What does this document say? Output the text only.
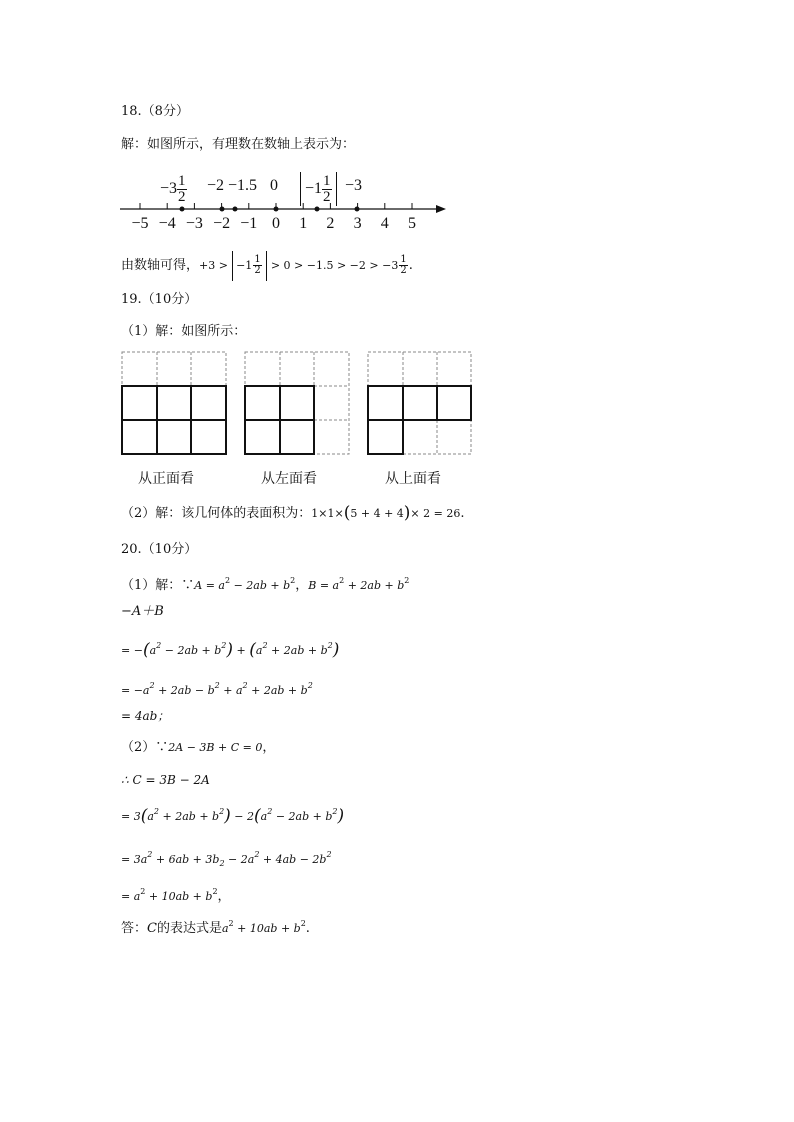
18.（8分）
解：如图所示，有理数在数轴上表示为：
$-3 \frac{1}{2} -2 -1.5$ 0	$-1 \frac{1}{2} -3$
−5 −4 −3 −2 −1 0 1 2 3 4 5
由数轴可得，$+3 > -1 \frac{1}{2} > 0 > -1.5 > -2 > -3 \frac{1}{2}$ .
19.（10分）
（1）解：如图所示：
从正面看	从左面看	从上面看
（2）解：该几何体的表面积为：1×1×(5 + 4 + 4)× 2 = 26.
20.（10分）
（1）解：∵A = $a^2 - 2ab + b^2$，$B = a^2 + 2ab + b^2$
−A＋B
= $-(a^2 - 2ab + b^2) + (a^2 + 2ab + b^2)$
= $-a^2 + 2ab - b^2 + a^2 + 2ab + b^2$
= 4ab；
（2）∵2A − 3B + C = 0，
∴ C = 3B − 2A
= $3(a^2 + 2ab + b^2) - 2(a^2 - 2ab + b^2)$
= $3a^2 + 6ab + 3b_2 - 2a^2 + 4ab - 2b^2$
= $a^2 + 10ab + b^2$，
答：C的表达式是$a^2 + 10ab + b^2$.
